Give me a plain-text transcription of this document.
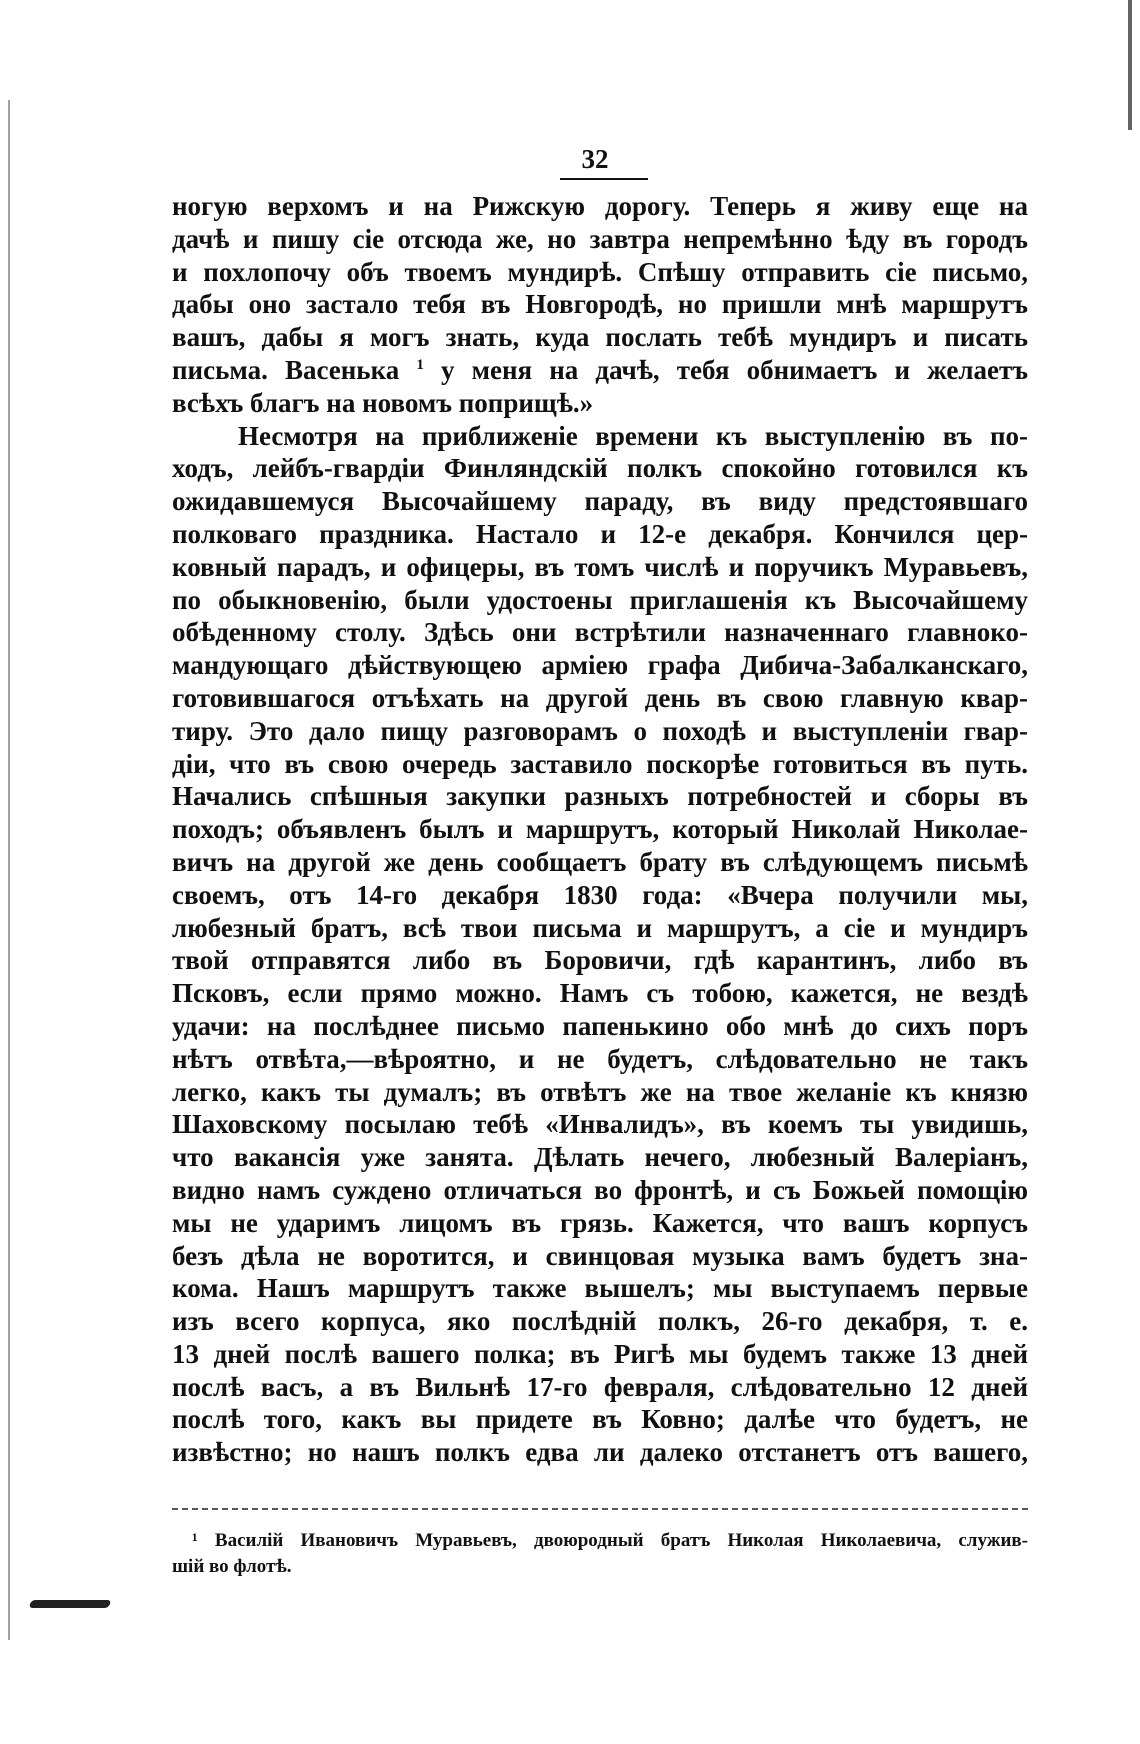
32
ногую верхомъ и на Рижскую дорогу. Теперь я живу еще на
дачѣ и пишу сіе отсюда же, но завтра непремѣнно ѣду въ городъ
и похлопочу объ твоемъ мундирѣ. Спѣшу отправить сіе письмо,
дабы оно застало тебя въ Новгородѣ, но пришли мнѣ маршрутъ
вашъ, дабы я могъ знать, куда послать тебѣ мундиръ и писать
письма. Васенька $^1$ у меня на дачѣ, тебя обнимаетъ и желаетъ
всѣхъ благъ на новомъ поприщѣ.»
Несмотря на приближеніе времени къ выступленію въ по-
ходъ, лейбъ-гвардіи Финляндскій полкъ спокойно готовился къ
ожидавшемуся Высочайшему параду, въ виду предстоявшаго
полковаго праздника. Настало и 12-е декабря. Кончился цер-
ковный парадъ, и офицеры, въ томъ числѣ и поручикъ Муравьевъ,
по обыкновенію, были удостоены приглашенія къ Высочайшему
обѣденному столу. Здѣсь они встрѣтили назначеннаго главноко-
мандующаго дѣйствующею арміею графа Дибича-Забалканскаго,
готовившагося отъѣхать на другой день въ свою главную квар-
тиру. Это дало пищу разговорамъ о походѣ и выступленіи гвар-
діи, что въ свою очередь заставило поскорѣе готовиться въ путь.
Начались спѣшныя закупки разныхъ потребностей и сборы въ
походъ; объявленъ былъ и маршрутъ, который Николай Николае-
вичъ на другой же день сообщаетъ брату въ слѣдующемъ письмѣ
своемъ, отъ 14-го декабря 1830 года: «Вчера получили мы,
любезный братъ, всѣ твои письма и маршрутъ, а сіе и мундиръ
твой отправятся либо въ Боровичи, гдѣ карантинъ, либо въ
Псковъ, если прямо можно. Намъ съ тобою, кажется, не вездѣ
удачи: на послѣднее письмо папенькино обо мнѣ до сихъ поръ
нѣтъ отвѣта,—вѣроятно, и не будетъ, слѣдовательно не такъ
легко, какъ ты думалъ; въ отвѣтъ же на твое желаніе къ князю
Шаховскому посылаю тебѣ «Инвалидъ», въ коемъ ты увидишь,
что вакансія уже занята. Дѣлать нечего, любезный Валеріанъ,
видно намъ суждено отличаться во фронтѣ, и съ Божьей помощію
мы не ударимъ лицомъ въ грязь. Кажется, что вашъ корпусъ
безъ дѣла не воротится, и свинцовая музыка вамъ будетъ зна-
кома. Нашъ маршрутъ также вышелъ; мы выступаемъ первые
изъ всего корпуса, яко послѣдній полкъ, 26-го декабря, т. е.
13 дней послѣ вашего полка; въ Ригѣ мы будемъ также 13 дней
послѣ васъ, а въ Вильнѣ 17-го февраля, слѣдовательно 12 дней
послѣ того, какъ вы придете въ Ковно; далѣе что будетъ, не
извѣстно; но нашъ полкъ едва ли далеко отстанетъ отъ вашего,
¹ Василій Ивановичъ Муравьевъ, двоюродный братъ Николая Николаевича, служив-
шій во флотѣ.
